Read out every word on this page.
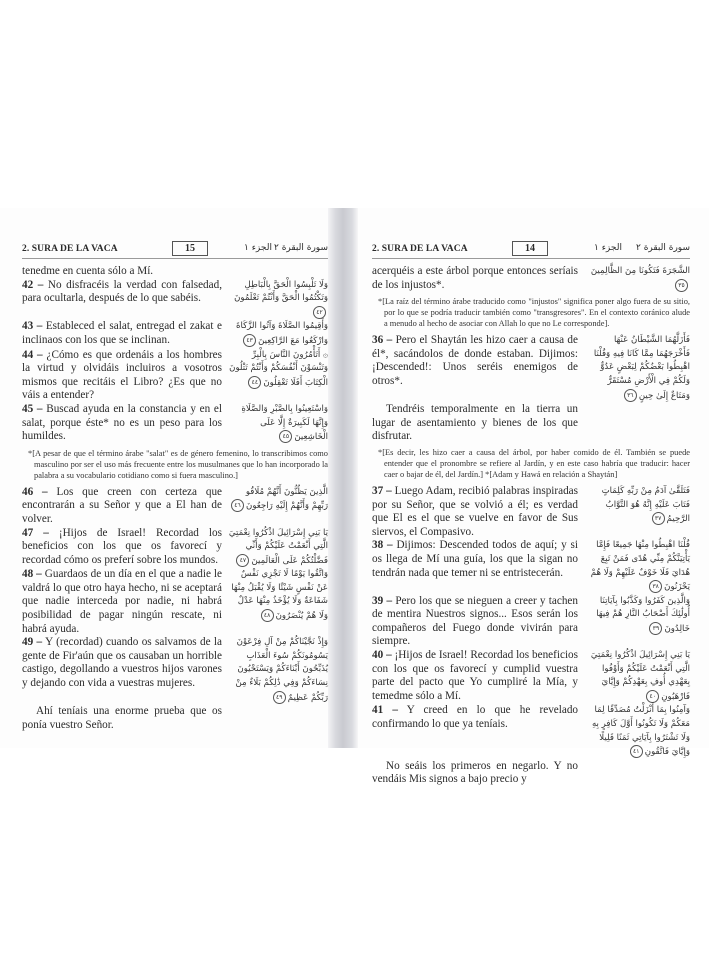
2. SURA DE LA VACA	15	الجزء ١ سورة البقرة ٢
tenedme en cuenta sólo a Mí.
42 – No disfracéis la verdad con falsedad, para ocultarla, después de lo que sabéis.
وَلَا تَلْبِسُوا الْحَقَّ بِالْبَاطِلِ وَتَكْتُمُوا الْحَقَّ وَأَنْتُمْ تَعْلَمُونَ٤٢
43 – Estableced el salat, entregad el zakat e inclinaos con los que se inclinan.
وَأَقِيمُوا الصَّلَاةَ وَآتُوا الزَّكَاةَ وَارْكَعُوا مَعَ الرَّاكِعِينَ٤٣
44 – ¿Cómo es que ordenáis a los hombres la virtud y olvidáis incluiros a vosotros mismos que recitáis el Libro? ¿Es que no váis a entender?
۞ أَتَأْمُرُونَ النَّاسَ بِالْبِرِّ وَتَنْسَوْنَ أَنْفُسَكُمْ وَأَنْتُمْ تَتْلُونَ الْكِتَابَ أَفَلَا تَعْقِلُونَ٤٤
45 – Buscad ayuda en la constancia y en el salat, porque éste* no es un peso para los humildes.
وَاسْتَعِينُوا بِالصَّبْرِ وَالصَّلَاةِ وَإِنَّهَا لَكَبِيرَةٌ إِلَّا عَلَى الْخَاشِعِينَ٤٥
*[A pesar de que el término árabe "salat" es de género femenino, lo transcribimos como masculino por ser el uso más frecuente entre los musulmanes que lo han incorporado la palabra a su vocabulario cotidiano como si fuera masculino.]
46 – Los que creen con certeza que encontrarán a su Señor y que a El han de volver.
الَّذِينَ يَظُنُّونَ أَنَّهُمْ مُلَاقُو رَبِّهِمْ وَأَنَّهُمْ إِلَيْهِ رَاجِعُونَ٤٦
47 – ¡Hijos de Israel! Recordad los beneficios con los que os favorecí y recordad cómo os preferí sobre los mundos.
يَا بَنِي إِسْرَائِيلَ اذْكُرُوا نِعْمَتِيَ الَّتِي أَنْعَمْتُ عَلَيْكُمْ وَأَنِّي فَضَّلْتُكُمْ عَلَى الْعَالَمِينَ٤٧
48 – Guardaos de un día en el que a nadie le valdrá lo que otro haya hecho, ni se aceptará que nadie interceda por nadie, ni habrá posibilidad de pagar ningún rescate, ni habrá ayuda.
وَاتَّقُوا يَوْمًا لَا تَجْزِي نَفْسٌ عَنْ نَفْسٍ شَيْئًا وَلَا يُقْبَلُ مِنْهَا شَفَاعَةٌ وَلَا يُؤْخَذُ مِنْهَا عَدْلٌ وَلَا هُمْ يُنْصَرُونَ٤٨
49 – Y (recordad) cuando os salvamos de la gente de Fir'aún que os causaban un horrible castigo, degollando a vuestros hijos varones y dejando con vida a vuestras mujeres.
وَإِذْ نَجَّيْنَاكُمْ مِنْ آلِ فِرْعَوْنَ يَسُومُونَكُمْ سُوءَ الْعَذَابِ يُذَبِّحُونَ أَبْنَاءَكُمْ وَيَسْتَحْيُونَ نِسَاءَكُمْ وَفِي ذَٰلِكُمْ بَلَاءٌ مِنْ رَبِّكُمْ عَظِيمٌ٤٩
Ahí teníais una enorme prueba que os ponía vuestro Señor.
2. SURA DE LA VACA	14	الجزء ١ سورة البقرة ٢
acerquéis a este árbol porque entonces seríais de los injustos*.
الشَّجَرَةَ فَتَكُونَا مِنَ الظَّالِمِينَ٣٥
*[La raíz del término árabe traducido como "injustos" significa poner algo fuera de su sitio, por lo que se podría traducir también como "transgresores". En el contexto coránico alude a menudo al hecho de asociar con Allah lo que no Le corresponde].
36 – Pero el Shaytán les hizo caer a causa de él*, sacándolos de donde estaban. Dijimos: ¡Descended!: Unos seréis enemigos de otros*.
فَأَزَلَّهُمَا الشَّيْطَانُ عَنْهَا فَأَخْرَجَهُمَا مِمَّا كَانَا فِيهِ وَقُلْنَا اهْبِطُوا بَعْضُكُمْ لِبَعْضٍ عَدُوٌّ وَلَكُمْ فِي الْأَرْضِ مُسْتَقَرٌّ وَمَتَاعٌ إِلَىٰ حِينٍ٣٦
Tendréis temporalmente en la tierra un lugar de asentamiento y bienes de los que disfrutar.
*[Es decir, les hizo caer a causa del árbol, por haber comido de él. También se puede entender que el pronombre se refiere al Jardín, y en este caso habría que traducir: hacer caer o bajar de él, del Jardín.] *[Adam y Hawá en relación a Shaytán]
37 – Luego Adam, recibió palabras inspiradas por su Señor, que se volvió a él; es verdad que El es el que se vuelve en favor de Sus siervos, el Compasivo.
فَتَلَقَّىٰ آدَمُ مِنْ رَبِّهِ كَلِمَاتٍ فَتَابَ عَلَيْهِ إِنَّهُ هُوَ التَّوَّابُ الرَّحِيمُ٣٧
38 – Dijimos: Descended todos de aquí; y si os llega de Mí una guía, los que la sigan no tendrán nada que temer ni se entristecerán.
قُلْنَا اهْبِطُوا مِنْهَا جَمِيعًا فَإِمَّا يَأْتِيَنَّكُمْ مِنِّي هُدًى فَمَنْ تَبِعَ هُدَايَ فَلَا خَوْفٌ عَلَيْهِمْ وَلَا هُمْ يَحْزَنُونَ٣٨
39 – Pero los que se nieguen a creer y tachen de mentira Nuestros signos... Esos serán los compañeros del Fuego donde vivirán para siempre.
وَالَّذِينَ كَفَرُوا وَكَذَّبُوا بِآيَاتِنَا أُولَٰئِكَ أَصْحَابُ النَّارِ هُمْ فِيهَا خَالِدُونَ٣٩
40 – ¡Hijos de Israel! Recordad los beneficios con los que os favorecí y cumplid vuestra parte del pacto que Yo cumpliré la Mía, y temedme sólo a Mí.
يَا بَنِي إِسْرَائِيلَ اذْكُرُوا نِعْمَتِيَ الَّتِي أَنْعَمْتُ عَلَيْكُمْ وَأَوْفُوا بِعَهْدِي أُوفِ بِعَهْدِكُمْ وَإِيَّايَ فَارْهَبُونِ٤٠
41 – Y creed en lo que he revelado confirmando lo que ya teníais.
وَآمِنُوا بِمَا أَنْزَلْتُ مُصَدِّقًا لِمَا مَعَكُمْ وَلَا تَكُونُوا أَوَّلَ كَافِرٍ بِهِ وَلَا تَشْتَرُوا بِآيَاتِي ثَمَنًا قَلِيلًا وَإِيَّايَ فَاتَّقُونِ٤١
No seáis los primeros en negarlo. Y no vendáis Mis signos a bajo precio y
